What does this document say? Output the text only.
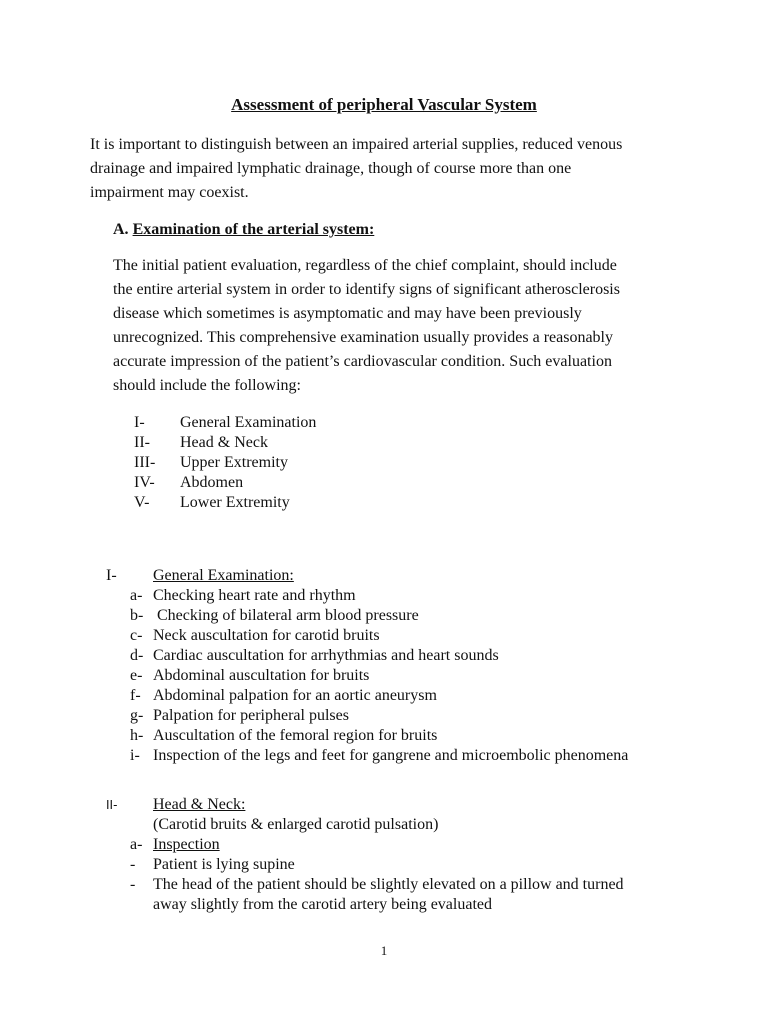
Assessment of peripheral Vascular System
It is important to distinguish between an impaired arterial supplies, reduced venous
drainage and impaired lymphatic drainage, though of course more than one
impairment may coexist.
A. Examination of the arterial system:
The initial patient evaluation, regardless of the chief complaint, should include
the entire arterial system in order to identify signs of significant atherosclerosis
disease which sometimes is asymptomatic and may have been previously
unrecognized. This comprehensive examination usually provides a reasonably
accurate impression of the patient’s cardiovascular condition. Such evaluation
should include the following:
I- General Examination
II- Head & Neck
III- Upper Extremity
IV- Abdomen
V- Lower Extremity
I- General Examination:
a- Checking heart rate and rhythm
b- Checking of bilateral arm blood pressure
c- Neck auscultation for carotid bruits
d- Cardiac auscultation for arrhythmias and heart sounds
e- Abdominal auscultation for bruits
f- Abdominal palpation for an aortic aneurysm
g- Palpation for peripheral pulses
h- Auscultation of the femoral region for bruits
i- Inspection of the legs and feet for gangrene and microembolic phenomena
II- Head & Neck:
(Carotid bruits & enlarged carotid pulsation)
a- Inspection
- Patient is lying supine
- The head of the patient should be slightly elevated on a pillow and turned
away slightly from the carotid artery being evaluated
1
